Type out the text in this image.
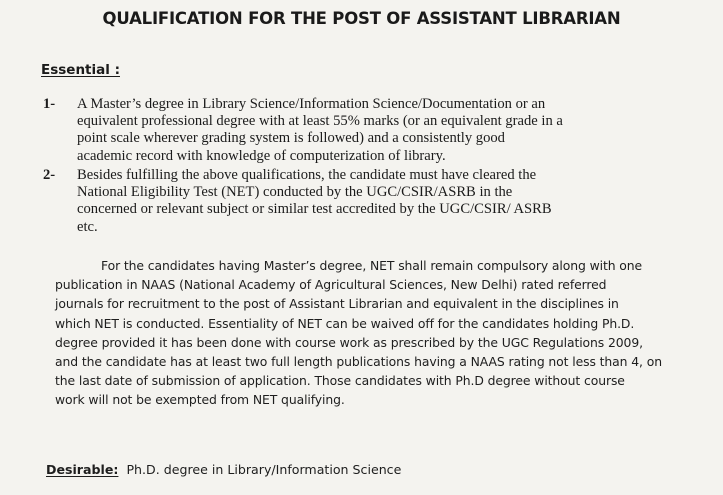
QUALIFICATION FOR THE POST OF ASSISTANT LIBRARIAN
Essential :
1- A Master’s degree in Library Science/Information Science/Documentation or an
equivalent professional degree with at least 55% marks (or an equivalent grade in a
point scale wherever grading system is followed) and a consistently good
academic record with knowledge of computerization of library.
2- Besides fulfilling the above qualifications, the candidate must have cleared the
National Eligibility Test (NET) conducted by the UGC/CSIR/ASRB in the
concerned or relevant subject or similar test accredited by the UGC/CSIR/ ASRB
etc.
For the candidates having Master’s degree, NET shall remain compulsory along with one
publication in NAAS (National Academy of Agricultural Sciences, New Delhi) rated referred
journals for recruitment to the post of Assistant Librarian and equivalent in the disciplines in
which NET is conducted. Essentiality of NET can be waived off for the candidates holding Ph.D.
degree provided it has been done with course work as prescribed by the UGC Regulations 2009,
and the candidate has at least two full length publications having a NAAS rating not less than 4, on
the last date of submission of application. Those candidates with Ph.D degree without course
work will not be exempted from NET qualifying.
Desirable: Ph.D. degree in Library/Information Science
